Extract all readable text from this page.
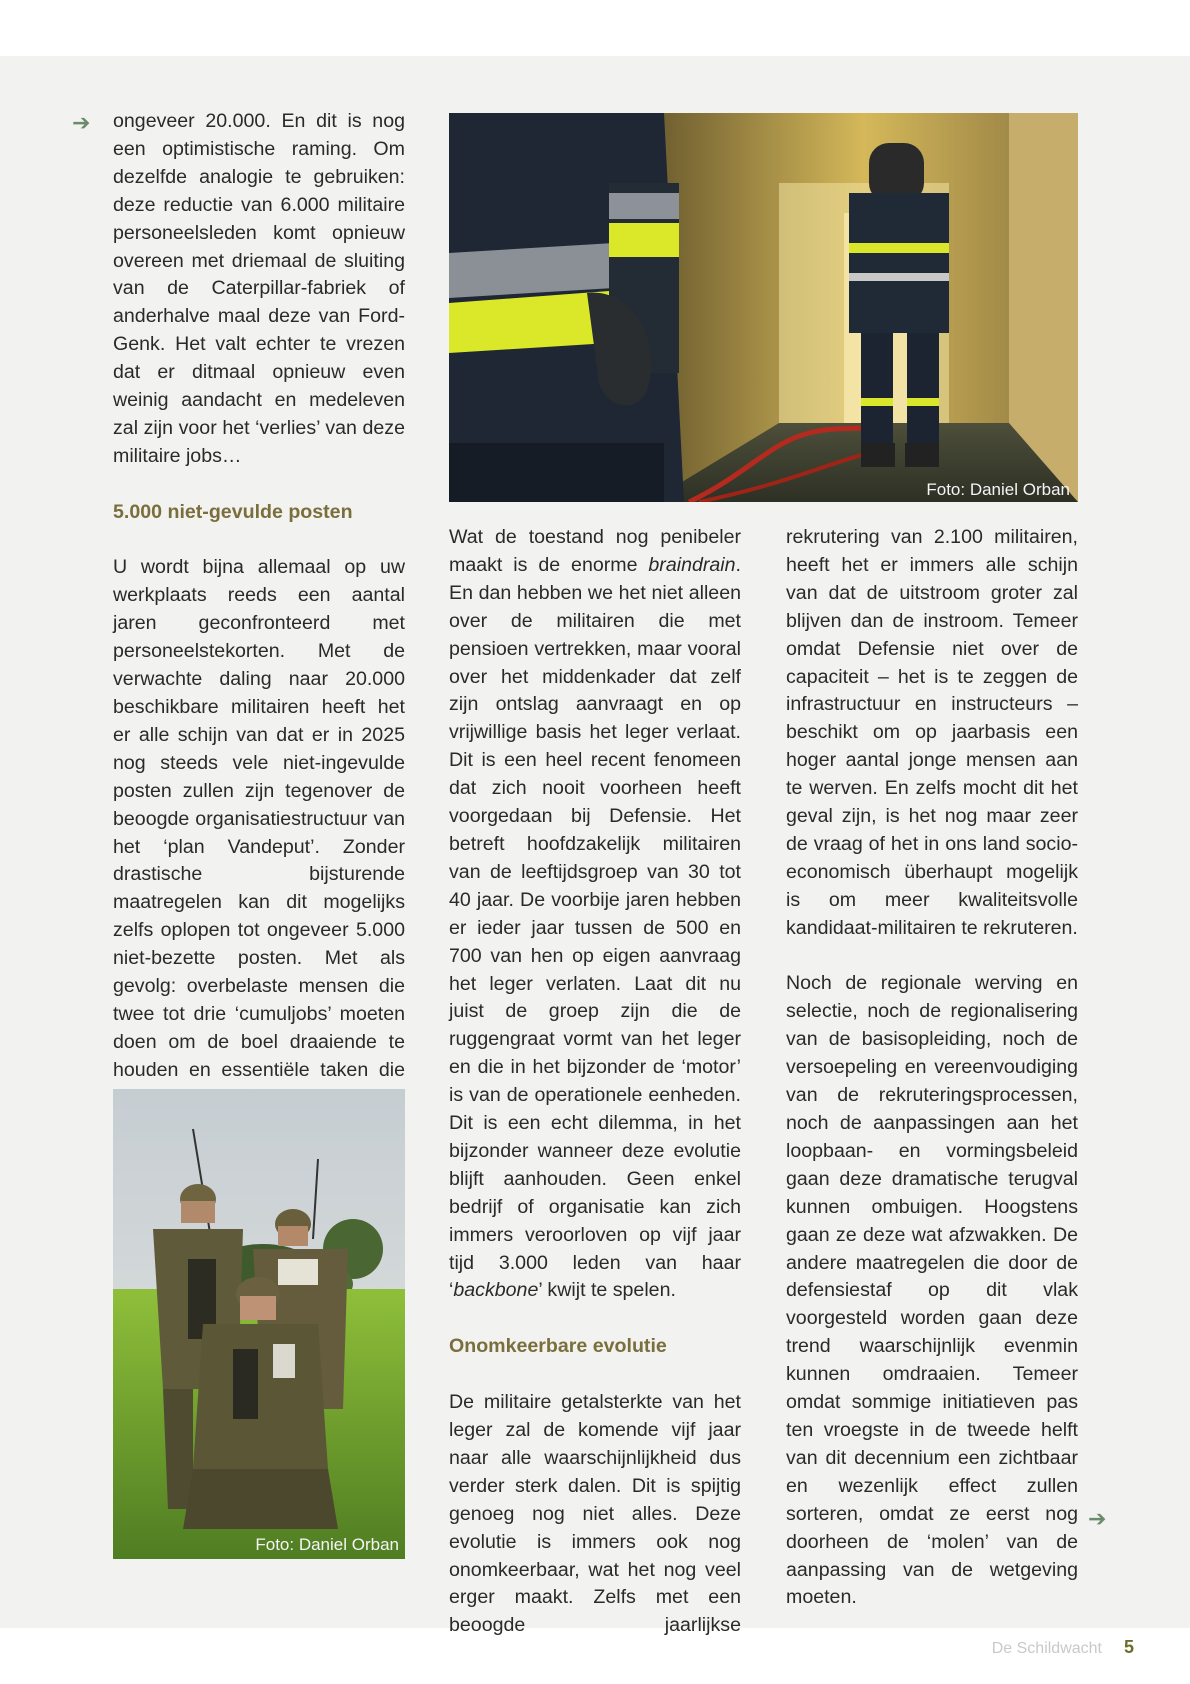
➔
➔

ongeveer 20.000. En dit is nog een optimistische raming. Om dezelfde analogie te gebruiken: deze reductie van 6.000 militaire personeelsleden komt opnieuw overeen met driemaal de sluiting van de Caterpillar-fabriek of anderhalve maal deze van Ford-Genk. Het valt echter te vrezen dat er ditmaal opnieuw even weinig aandacht en medeleven zal zijn voor het ‘verlies’ van deze militaire jobs…

5.000 niet-gevulde posten

U wordt bijna allemaal op uw werkplaats reeds een aantal jaren geconfronteerd met personeelstekorten. Met de verwachte daling naar 20.000 beschikbare militairen heeft het er alle schijn van dat er in 2025 nog steeds vele niet-ingevulde posten zullen zijn tegenover de beoogde organisatiestructuur van het ‘plan Vandeput’. Zonder drastische bijsturende maatregelen kan dit mogelijks zelfs oplopen tot ongeveer 5.000 niet-bezette posten. Met als gevolg: overbelaste mensen die twee tot drie ‘cumuljobs’ moeten doen om de boel draaiende te houden en essentiële taken die

Foto: Daniel Orban

Wat de toestand nog penibeler maakt is de enorme braindrain. En dan hebben we het niet alleen over de militairen die met pensioen vertrekken, maar vooral over het middenkader dat zelf zijn ontslag aanvraagt en op vrijwillige basis het leger verlaat. Dit is een heel recent fenomeen dat zich nooit voorheen heeft voorgedaan bij Defensie. Het betreft hoofdzakelijk militairen van de leeftijdsgroep van 30 tot 40 jaar. De voorbije jaren hebben er ieder jaar tussen de 500 en 700 van hen op eigen aanvraag het leger verlaten. Laat dit nu juist de groep zijn die de ruggengraat vormt van het leger en die in het bijzonder de ‘motor’ is van de operationele eenheden. Dit is een echt dilemma, in het bijzonder wanneer deze evolutie blijft aanhouden. Geen enkel bedrijf of organisatie kan zich immers veroorloven op vijf jaar tijd 3.000 leden van haar ‘backbone’ kwijt te spelen.

Onomkeerbare evolutie

De militaire getalsterkte van het leger zal de komende vijf jaar naar alle waarschijnlijkheid dus verder sterk dalen. Dit is spijtig genoeg nog niet alles. Deze evolutie is immers ook nog onomkeerbaar, wat het nog veel erger maakt. Zelfs met een beoogde jaarlijkse

rekrutering van 2.100 militairen, heeft het er immers alle schijn van dat de uitstroom groter zal blijven dan de instroom. Temeer omdat Defensie niet over de capaciteit – het is te zeggen de infrastructuur en instructeurs – beschikt om op jaarbasis een hoger aantal jonge mensen aan te werven. En zelfs mocht dit het geval zijn, is het nog maar zeer de vraag of het in ons land socio-economisch überhaupt mogelijk is om meer kwaliteitsvolle kandidaat-militairen te rekruteren.

Noch de regionale werving en selectie, noch de regionalisering van de basisopleiding, noch de versoepeling en vereenvoudiging van de rekruteringsprocessen, noch de aanpassingen aan het loopbaan- en vormingsbeleid gaan deze dramatische terugval kunnen ombuigen. Hoogstens gaan ze deze wat afzwakken. De andere maatregelen die door de defensiestaf op dit vlak voorgesteld worden gaan deze trend waarschijnlijk evenmin kunnen omdraaien. Temeer omdat sommige initiatieven pas ten vroegste in de tweede helft van dit decennium een zichtbaar en wezenlijk effect zullen sorteren, omdat ze eerst nog doorheen de ‘molen’ van de aanpassing van de wetgeving moeten.

Foto: Daniel Orban
De Schildwacht 5
